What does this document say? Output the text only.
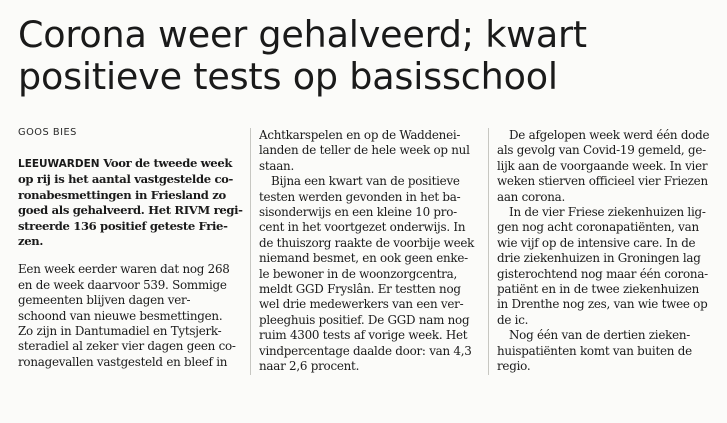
Corona weer gehalveerd; kwart
positieve tests op basisschool

GOOS BIES

LEEUWARDEN Voor de tweede week
op rij is het aantal vastgestelde co-
ronabesmettingen in Friesland zo
goed als gehalveerd. Het RIVM regi-
streerde 136 positief geteste Frie-
zen.
Een week eerder waren dat nog 268
en de week daarvoor 539. Sommige
gemeenten blijven dagen ver-
schoond van nieuwe besmettingen.
Zo zijn in Dantumadiel en Tytsjerk-
steradiel al zeker vier dagen geen co-
ronagevallen vastgesteld en bleef in
Achtkarspelen en op de Waddenei-
landen de teller de hele week op nul
staan.
Bijna een kwart van de positieve
testen werden gevonden in het ba-
sisonderwijs en een kleine 10 pro-
cent in het voortgezet onderwijs. In
de thuiszorg raakte de voorbije week
niemand besmet, en ook geen enke-
le bewoner in de woonzorgcentra,
meldt GGD Fryslân. Er testten nog
wel drie medewerkers van een ver-
pleeghuis positief. De GGD nam nog
ruim 4300 tests af vorige week. Het
vindpercentage daalde door: van 4,3
naar 2,6 procent.
De afgelopen week werd één dode
als gevolg van Covid-19 gemeld, ge-
lijk aan de voorgaande week. In vier
weken stierven officieel vier Friezen
aan corona.
In de vier Friese ziekenhuizen lig-
gen nog acht coronapatiënten, van
wie vijf op de intensive care. In de
drie ziekenhuizen in Groningen lag
gisterochtend nog maar één corona-
patiënt en in de twee ziekenhuizen
in Drenthe nog zes, van wie twee op
de ic.
Nog één van de dertien zieken-
huispatiënten komt van buiten de
regio.
